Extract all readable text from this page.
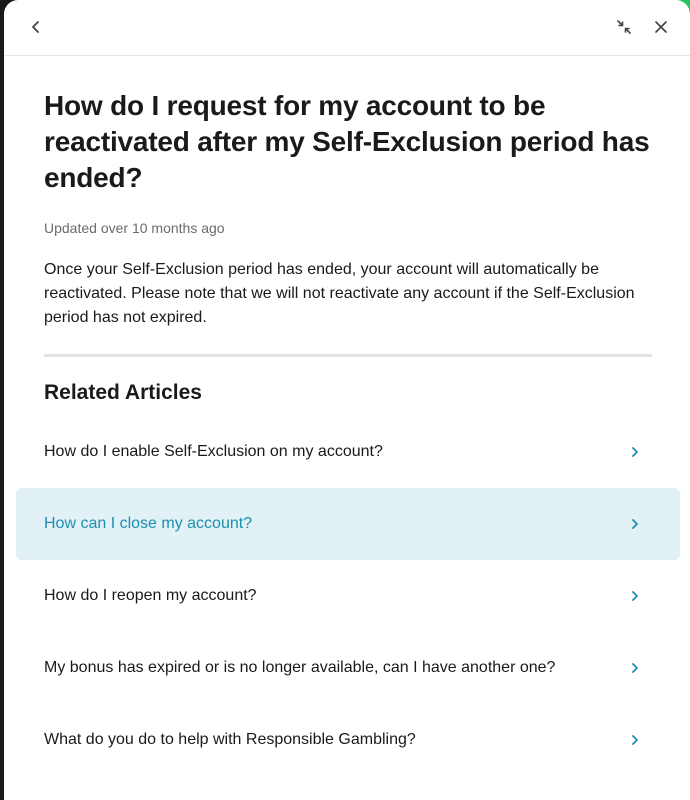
How do I request for my account to be reactivated after my Self-Exclusion period has ended?
Updated over 10 months ago
Once your Self-Exclusion period has ended, your account will automatically be reactivated. Please note that we will not reactivate any account if the Self-Exclusion period has not expired.
Related Articles
How do I enable Self-Exclusion on my account?
How can I close my account?
How do I reopen my account?
My bonus has expired or is no longer available, can I have another one?
What do you do to help with Responsible Gambling?
